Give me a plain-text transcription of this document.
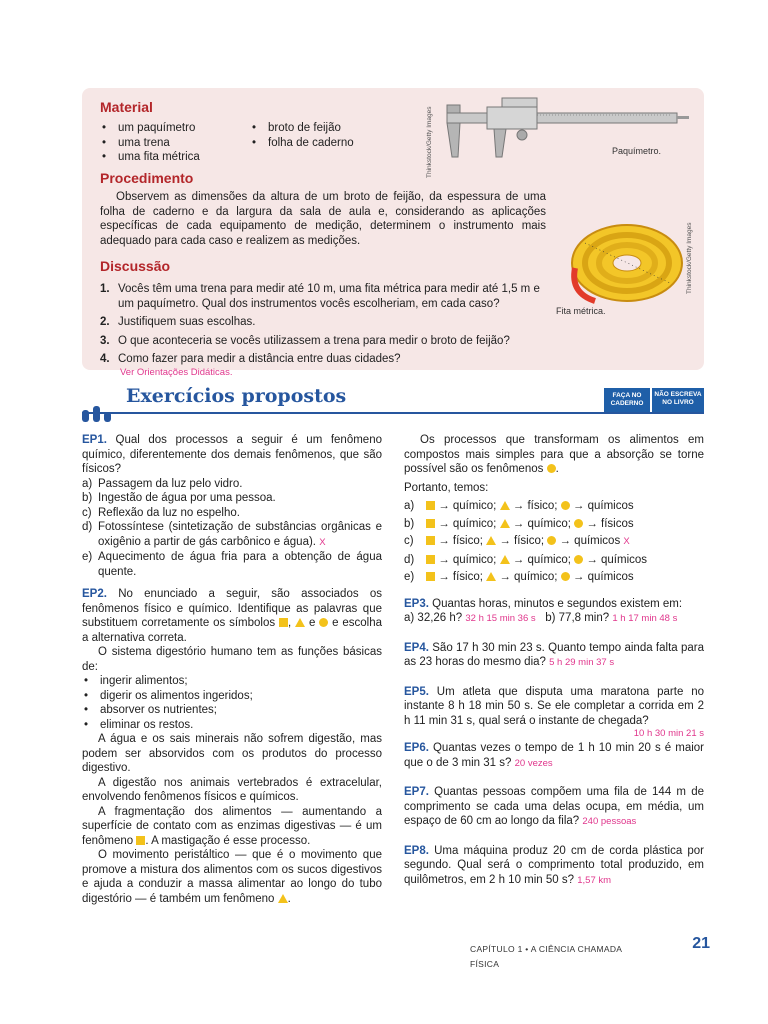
Material
• um paquímetro
• uma trena
• uma fita métrica
• broto de feijão
• folha de caderno	Thinkstock/Getty Images	Paquímetro.
Procedimento
Observem as dimensões da altura de um broto de feijão, da espessura de uma folha de caderno e da largura da sala de aula e, considerando as aplicações específicas de cada equipamento de medição, determinem o instrumento mais adequado para cada caso e realizem as medições.	Thinkstock/Getty Images
Fita métrica.
Discussão
1. Vocês têm uma trena para medir até 10 m, uma fita métrica para medir até 1,5 m e um paquímetro. Qual dos instrumentos vocês escolheriam, em cada caso?
2. Justifiquem suas escolhas.
3. O que aconteceria se vocês utilizassem a trena para medir o broto de feijão?
4. Como fazer para medir a distância entre duas cidades?
Ver Orientações Didáticas.
Exercícios propostos	FAÇA NO
CADERNO
NÃO ESCREVA
NO LIVRO
EP1. Qual dos processos a seguir é um fenômeno químico, diferentemente dos demais fenômenos, que são físicos?
a) Passagem da luz pelo vidro.
b) Ingestão de água por uma pessoa.
c) Reflexão da luz no espelho.
d) Fotossíntese (sintetização de substâncias orgânicas e oxigênio a partir de gás carbônico e água). X
e) Aquecimento de água fria para a obtenção de água quente.
EP2. No enunciado a seguir, são associados os fenômenos físico e químico. Identifique as palavras que substituem corretamente os símbolos ,  e  e escolha a alternativa correta.
O sistema digestório humano tem as funções básicas de:
• ingerir alimentos;
• digerir os alimentos ingeridos;
• absorver os nutrientes;
• eliminar os restos.
A água e os sais minerais não sofrem digestão, mas podem ser absorvidos com os produtos do processo digestivo.
A digestão nos animais vertebrados é extracelular, envolvendo fenômenos físicos e químicos.
A fragmentação dos alimentos — aumentando a superfície de contato com as enzimas digestivas — é um fenômeno . A mastigação é esse processo.
O movimento peristáltico — que é o movimento que promove a mistura dos alimentos com os sucos digestivos e ajuda a conduzir a massa alimentar ao longo do tubo digestório — é também um fenômeno .
Os processos que transformam os alimentos em compostos mais simples para que a absorção se torne possível são os fenômenos .
Portanto, temos:
a) → químico;  → físico;  → químicos
b) → químico;  → químico;  → físicos
c) → físico;  → físico;  → químicos X
d) → químico;  → químico;  → químicos
e) → físico;  → químico;  → químicos
EP3. Quantas horas, minutos e segundos existem em:
a) 32,26 h? 32 h 15 min 36 s b) 77,8 min? 1 h 17 min 48 s
EP4. São 17 h 30 min 23 s. Quanto tempo ainda falta para as 23 horas do mesmo dia? 5 h 29 min 37 s
EP5. Um atleta que disputa uma maratona parte no instante 8 h 18 min 50 s. Se ele completar a corrida em 2 h 11 min 31 s, qual será o instante de chegada?
10 h 30 min 21 s
EP6. Quantas vezes o tempo de 1 h 10 min 20 s é maior que o de 3 min 31 s? 20 vezes
EP7. Quantas pessoas compõem uma fila de 144 m de comprimento se cada uma delas ocupa, em média, um espaço de 60 cm ao longo da fila? 240 pessoas
EP8. Uma máquina produz 20 cm de corda plástica por segundo. Qual será o comprimento total produzido, em quilômetros, em 2 h 10 min 50 s? 1,57 km
CAPÍTULO 1 • A CIÊNCIA CHAMADA FÍSICA
21
